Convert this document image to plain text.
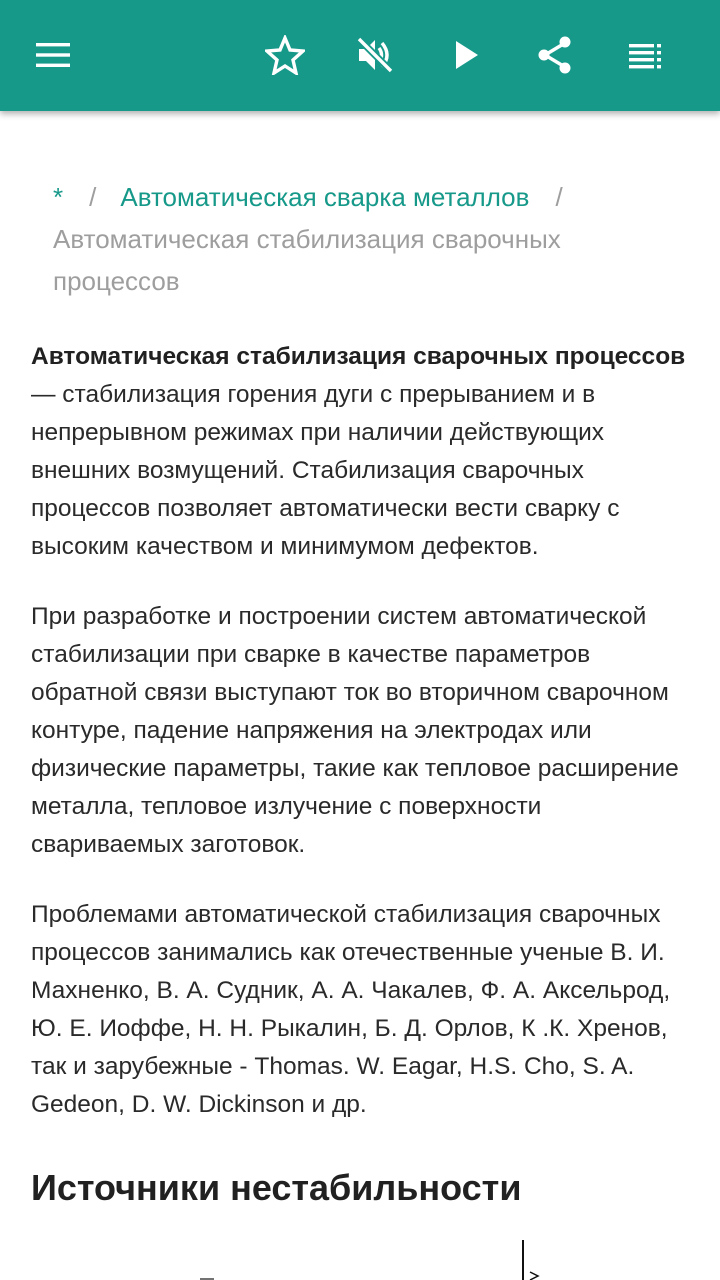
* / Автоматическая сварка металлов /
Автоматическая стабилизация сварочных процессов

Автоматическая стабилизация сварочных процессов — стабилизация горения дуги с прерыванием и в непрерывном режимах при наличии действующих внешних возмущений. Стабилизация сварочных процессов позволяет автоматически вести сварку с высоким качеством и минимумом дефектов.

При разработке и построении систем автоматической стабилизации при сварке в качестве параметров обратной связи выступают ток во вторичном сварочном контуре, падение напряжения на электродах или физические параметры, такие как тепловое расширение металла, тепловое излучение с поверхности свариваемых заготовок.

Проблемами автоматической стабилизация сварочных процессов занимались как отечественные ученые В. И. Махненко, В. А. Судник, А. А. Чакалев, Ф. А. Аксельрод, Ю. Е. Иоффе, Н. Н. Рыкалин, Б. Д. Орлов, К .К. Хренов, так и зарубежные - Thomas. W. Eagar, H.S. Cho, S. A. Gedeon, D. W. Dickinson и др.

Источники нестабильности
